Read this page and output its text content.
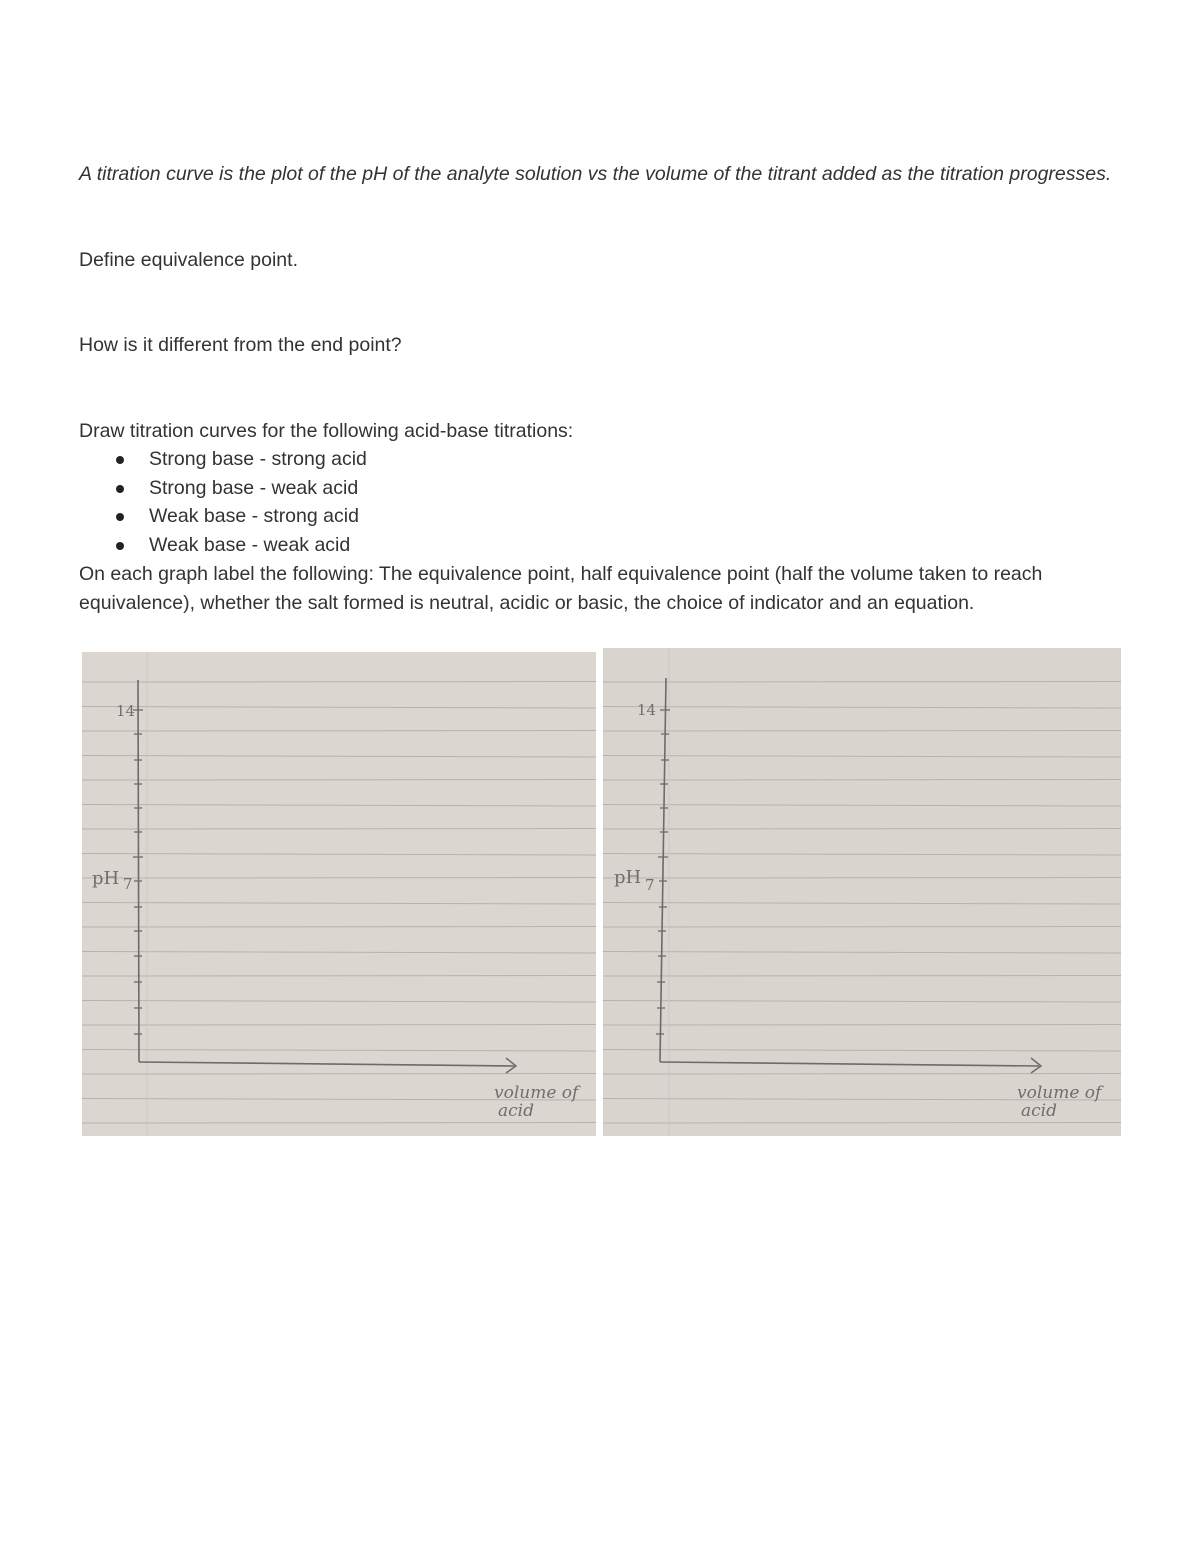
A titration curve is the plot of the pH of the analyte solution vs the volume of the titrant added as the titration progresses.

Define equivalence point.

How is it different from the end point?

Draw titration curves for the following acid-base titrations:

Strong base - strong acid
Strong base - weak acid
Weak base - strong acid
Weak base - weak acid

On each graph label the following: The equivalence point, half equivalence point (half the volume taken to reach equivalence), whether the salt formed is neutral, acidic or basic, the choice of indicator and an equation.

14
7
pH
volume of
acid
14
7
pH
volume of
acid
